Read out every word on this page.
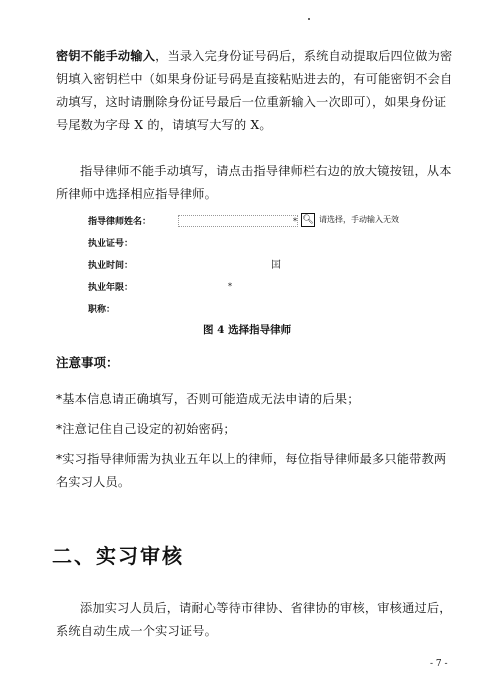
密钥不能手动输入，当录入完身份证号码后，系统自动提取后四位做为密钥填入密钥栏中（如果身份证号码是直接粘贴进去的，有可能密钥不会自动填写，这时请删除身份证号最后一位重新输入一次即可），如果身份证号尾数为字母 X 的，请填写大写的 X。
指导律师不能手动填写，请点击指导律师栏右边的放大镜按钮，从本所律师中选择相应指导律师。
指导律师姓名：	* 🔍︎ 请选择，手动输入无效
执业证号：
执业时间：	囯
执业年限：	*
职称：
图 4 选择指导律师
注意事项：
*基本信息请正确填写，否则可能造成无法申请的后果；
*注意记住自己设定的初始密码；
*实习指导律师需为执业五年以上的律师，每位指导律师最多只能带教两名实习人员。
二、实习审核
添加实习人员后，请耐心等待市律协、省律协的审核，审核通过后，系统自动生成一个实习证号。
- 7 -
